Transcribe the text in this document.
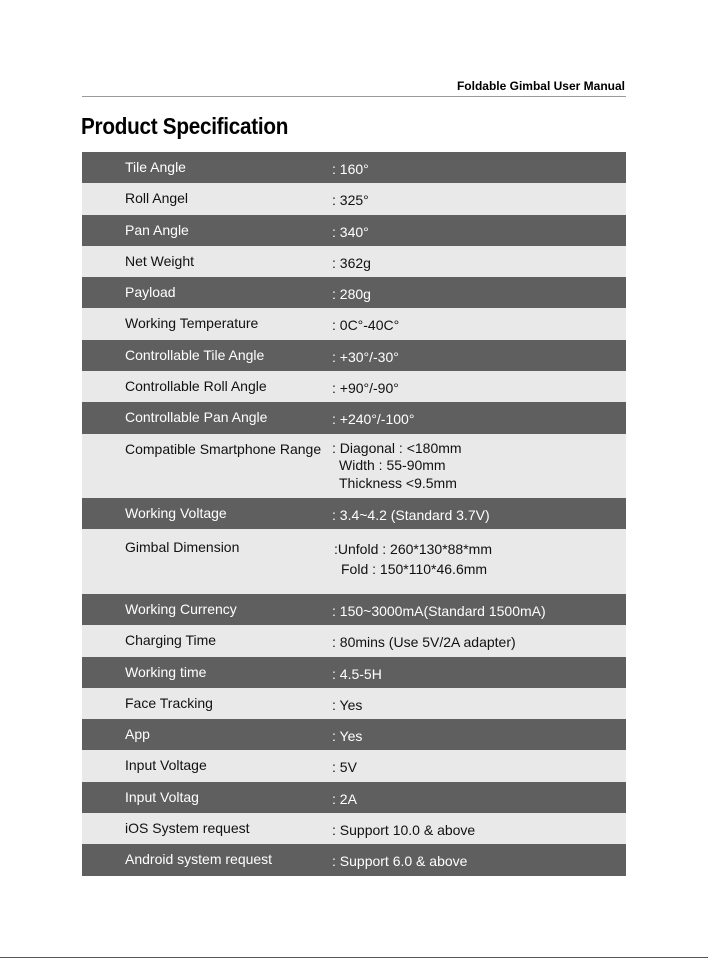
Foldable Gimbal User Manual
Product Specification
Tile Angle	: 160°
Roll Angel	: 325°
Pan Angle	: 340°
Net Weight	: 362g
Payload	: 280g
Working Temperature	: 0C°-40C°
Controllable Tile Angle	: +30°/-30°
Controllable Roll Angle	: +90°/-90°
Controllable Pan Angle	: +240°/-100°
Compatible Smartphone Range : Diagonal : <180mm
Width : 55-90mm
Thickness <9.5mm
Working Voltage	: 3.4~4.2 (Standard 3.7V)
Gimbal Dimension	:Unfold : 260*130*88*mm
Fold : 150*110*46.6mm
Working Currency	: 150~3000mA(Standard 1500mA)
Charging Time	: 80mins (Use 5V/2A adapter)
Working time	: 4.5-5H
Face Tracking	: Yes
App	: Yes
Input Voltage	: 5V
Input Voltag	: 2A
iOS System request	: Support 10.0 & above
Android system request	: Support 6.0 & above
